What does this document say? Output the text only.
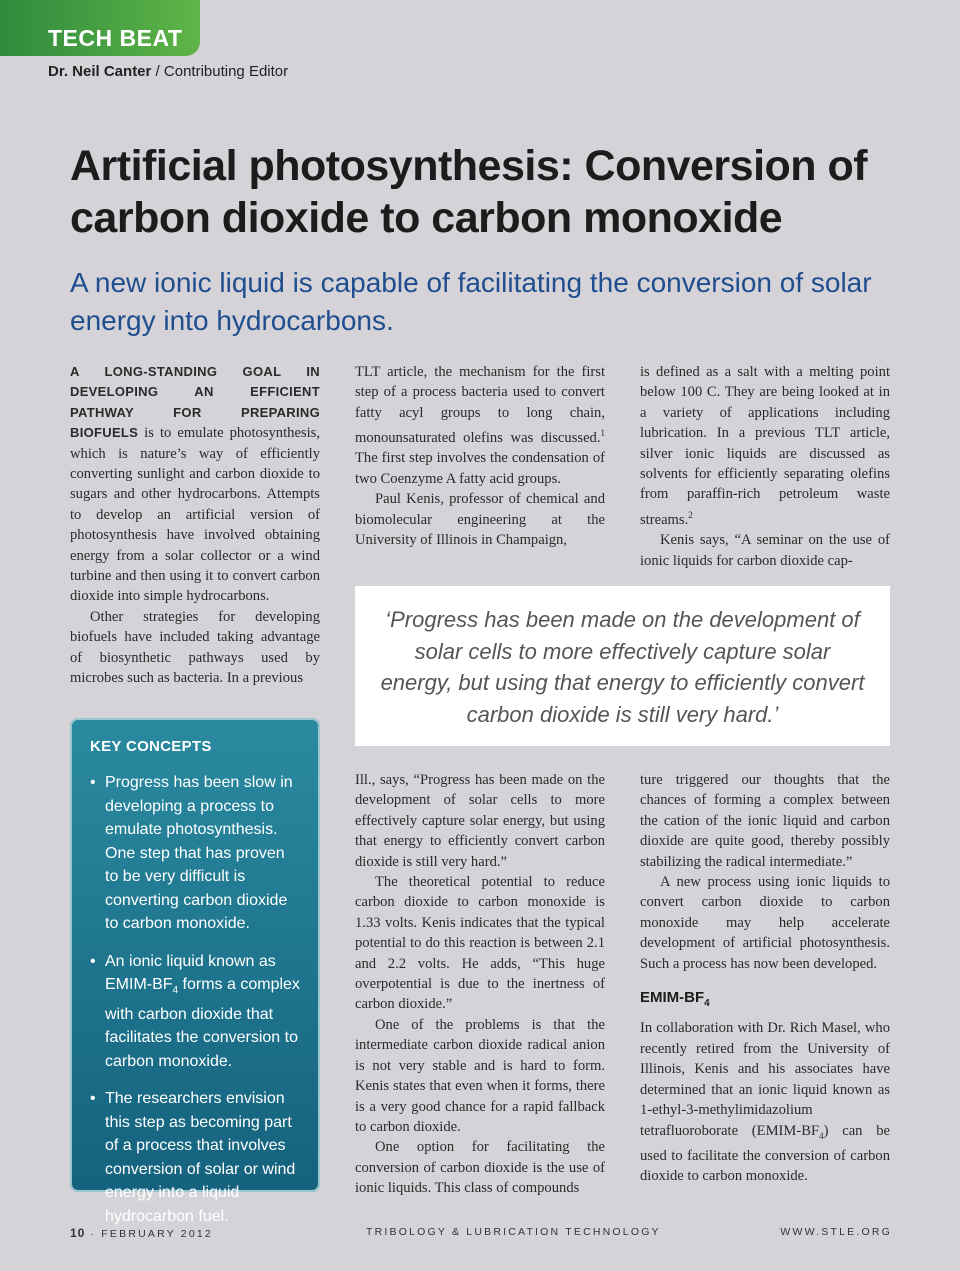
TECH BEAT
Dr. Neil Canter / Contributing Editor
Artificial photosynthesis: Conversion of carbon dioxide to carbon monoxide
A new ionic liquid is capable of facilitating the conversion of solar energy into hydrocarbons.

A LONG-STANDING GOAL IN DEVELOPING AN EFFICIENT PATHWAY FOR PREPARING BIOFUELS is to emulate photosynthesis, which is nature’s way of efficiently converting sunlight and carbon dioxide to sugars and other hydrocarbons. Attempts to develop an artificial version of photosynthesis have involved obtaining energy from a solar collector or a wind turbine and then using it to convert carbon dioxide into simple hydrocarbons.

Other strategies for developing biofuels have included taking advantage of biosynthetic pathways used by microbes such as bacteria. In a previous

TLT article, the mechanism for the first step of a process bacteria used to convert fatty acyl groups to long chain, monounsaturated olefins was discussed.$^1$ The first step involves the condensation of two Coenzyme A fatty acid groups.

Paul Kenis, professor of chemical and biomolecular engineering at the University of Illinois in Champaign,

is defined as a salt with a melting point below 100 C. They are being looked at in a variety of applications including lubrication. In a previous TLT article, silver ionic liquids are discussed as solvents for efficiently separating olefins from paraffin-rich petroleum waste streams.$^2$

Kenis says, “A seminar on the use of ionic liquids for carbon dioxide cap-

‘Progress has been made on the development of solar cells to more effectively capture solar energy, but using that energy to efficiently convert carbon dioxide is still very hard.’
KEY CONCEPTS
• Progress has been slow in developing a process to emulate photosynthesis. One step that has proven to be very difficult is converting carbon dioxide to carbon monoxide.
• An ionic liquid known as EMIM-$BF_4$ forms a complex with carbon dioxide that facilitates the conversion to carbon monoxide.
• The researchers envision this step as becoming part of a process that involves conversion of solar or wind energy into a liquid hydrocarbon fuel.

Ill., says, “Progress has been made on the development of solar cells to more effectively capture solar energy, but using that energy to efficiently convert carbon dioxide is still very hard.”

The theoretical potential to reduce carbon dioxide to carbon monoxide is 1.33 volts. Kenis indicates that the typical potential to do this reaction is between 2.1 and 2.2 volts. He adds, “This huge overpotential is due to the inertness of carbon dioxide.”

One of the problems is that the intermediate carbon dioxide radical anion is not very stable and is hard to form. Kenis states that even when it forms, there is a very good chance for a rapid fallback to carbon dioxide.

One option for facilitating the conversion of carbon dioxide is the use of ionic liquids. This class of compounds

ture triggered our thoughts that the chances of forming a complex between the cation of the ionic liquid and carbon dioxide are quite good, thereby possibly stabilizing the radical intermediate.”

A new process using ionic liquids to convert carbon dioxide to carbon monoxide may help accelerate development of artificial photosynthesis. Such a process has now been developed.

EMIM-$BF_4$

In collaboration with Dr. Rich Masel, who recently retired from the University of Illinois, Kenis and his associates have determined that an ionic liquid known as 1-ethyl-3-methylimidazolium tetrafluoroborate $(EMIM-BF_4)$ can be used to facilitate the conversion of carbon dioxide to carbon monoxide.

10 · FEBRUARY 2012	TRIBOLOGY & LUBRICATION TECHNOLOGY	WWW.STLE.ORG
